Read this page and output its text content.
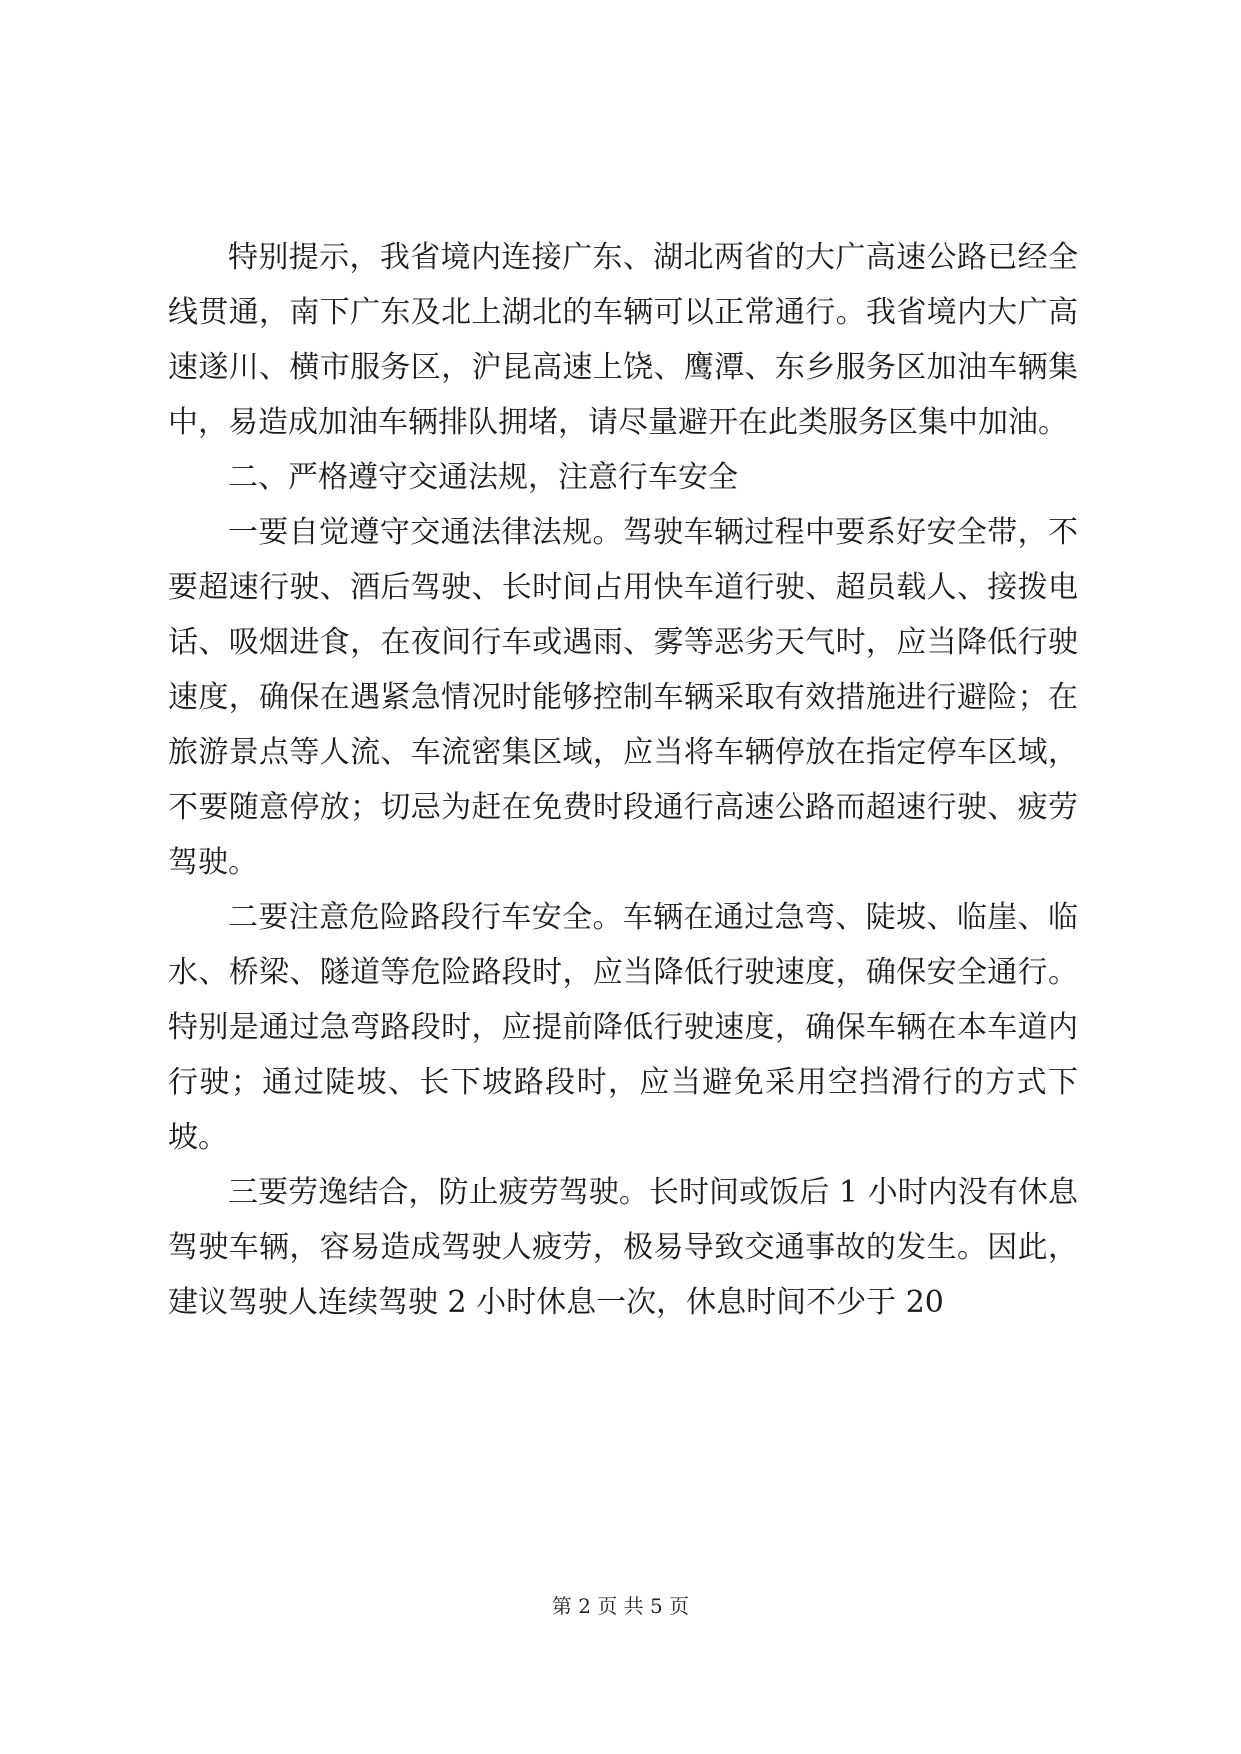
特别提示，我省境内连接广东、湖北两省的大广高速公路已经全线贯通，南下广东及北上湖北的车辆可以正常通行。我省境内大广高速遂川、横市服务区，沪昆高速上饶、鹰潭、东乡服务区加油车辆集中，易造成加油车辆排队拥堵，请尽量避开在此类服务区集中加油。

二、严格遵守交通法规，注意行车安全

一要自觉遵守交通法律法规。驾驶车辆过程中要系好安全带，不要超速行驶、酒后驾驶、长时间占用快车道行驶、超员载人、接拨电话、吸烟进食，在夜间行车或遇雨、雾等恶劣天气时，应当降低行驶速度，确保在遇紧急情况时能够控制车辆采取有效措施进行避险；在旅游景点等人流、车流密集区域，应当将车辆停放在指定停车区域，不要随意停放；切忌为赶在免费时段通行高速公路而超速行驶、疲劳驾驶。

二要注意危险路段行车安全。车辆在通过急弯、陡坡、临崖、临水、桥梁、隧道等危险路段时，应当降低行驶速度，确保安全通行。特别是通过急弯路段时，应提前降低行驶速度，确保车辆在本车道内行驶；通过陡坡、长下坡路段时，应当避免采用空挡滑行的方式下坡。

三要劳逸结合，防止疲劳驾驶。长时间或饭后 1 小时内没有休息驾驶车辆，容易造成驾驶人疲劳，极易导致交通事故的发生。因此，建议驾驶人连续驾驶 2 小时休息一次，休息时间不少于 20

第 2 页 共 5 页
